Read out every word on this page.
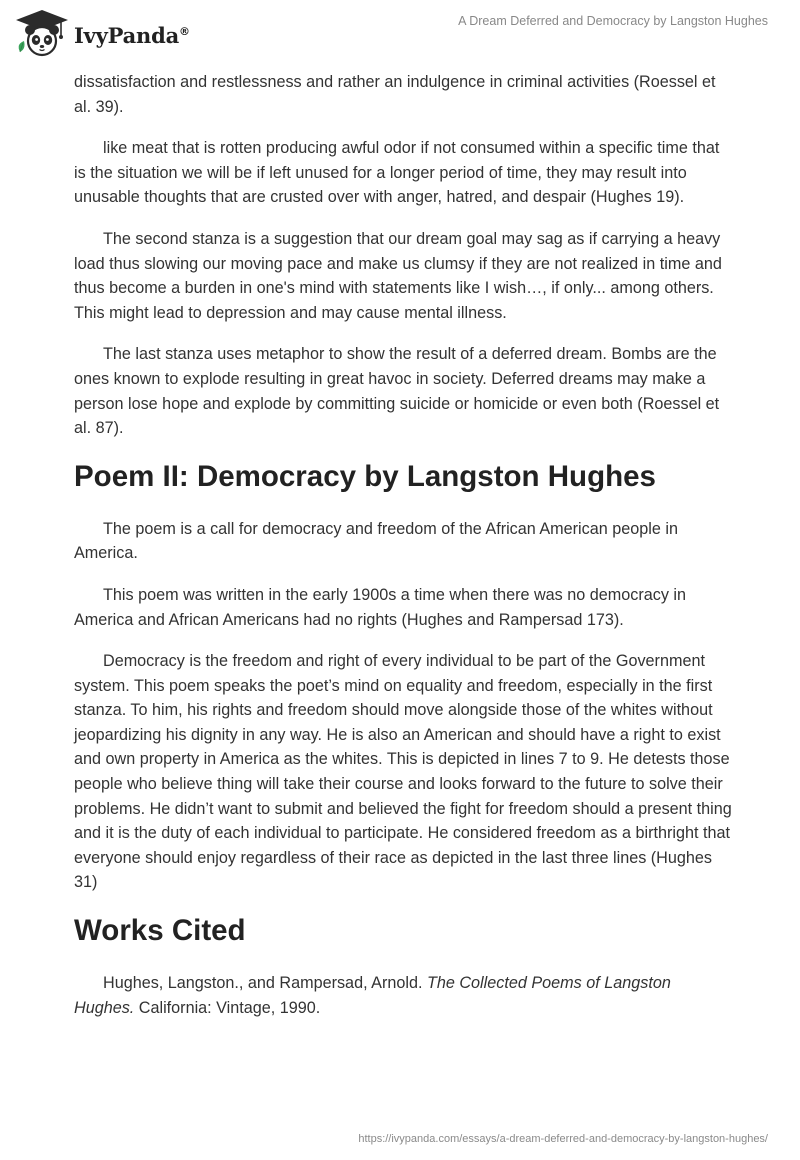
IvyPanda®
A Dream Deferred and Democracy by Langston Hughes

dissatisfaction and restlessness and rather an indulgence in criminal activities (Roessel et al. 39).

like meat that is rotten producing awful odor if not consumed within a specific time that is the situation we will be if left unused for a longer period of time, they may result into unusable thoughts that are crusted over with anger, hatred, and despair (Hughes 19).

The second stanza is a suggestion that our dream goal may sag as if carrying a heavy load thus slowing our moving pace and make us clumsy if they are not realized in time and thus become a burden in one's mind with statements like I wish…, if only... among others. This might lead to depression and may cause mental illness.

The last stanza uses metaphor to show the result of a deferred dream. Bombs are the ones known to explode resulting in great havoc in society. Deferred dreams may make a person lose hope and explode by committing suicide or homicide or even both (Roessel et al. 87).

Poem II: Democracy by Langston Hughes

The poem is a call for democracy and freedom of the African American people in America.

This poem was written in the early 1900s a time when there was no democracy in America and African Americans had no rights (Hughes and Rampersad 173).

Democracy is the freedom and right of every individual to be part of the Government system. This poem speaks the poet’s mind on equality and freedom, especially in the first stanza. To him, his rights and freedom should move alongside those of the whites without jeopardizing his dignity in any way. He is also an American and should have a right to exist and own property in America as the whites. This is depicted in lines 7 to 9. He detests those people who believe thing will take their course and looks forward to the future to solve their problems. He didn’t want to submit and believed the fight for freedom should a present thing and it is the duty of each individual to participate. He considered freedom as a birthright that everyone should enjoy regardless of their race as depicted in the last three lines (Hughes 31)

Works Cited

Hughes, Langston., and Rampersad, Arnold. The Collected Poems of Langston Hughes. California: Vintage, 1990.

https://ivypanda.com/essays/a-dream-deferred-and-democracy-by-langston-hughes/
